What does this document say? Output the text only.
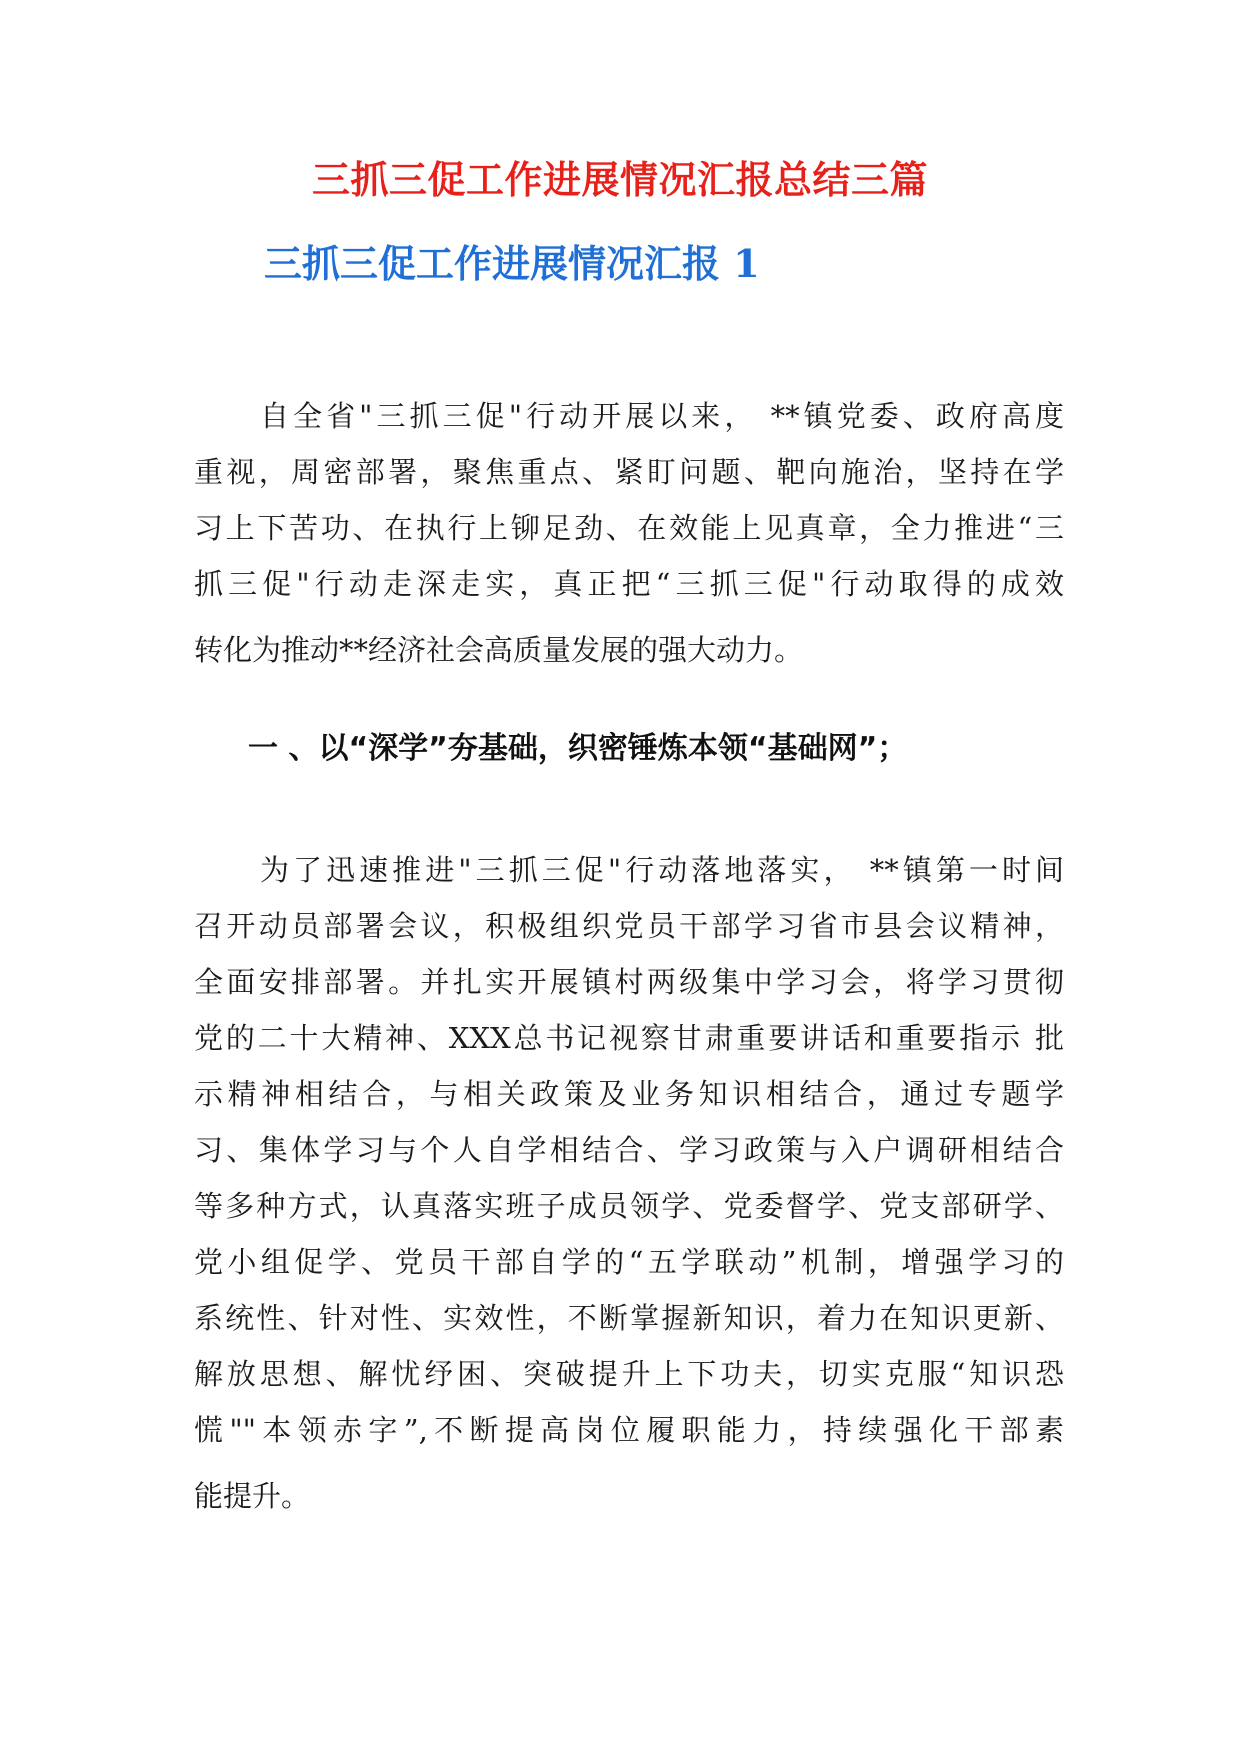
三抓三促工作进展情况汇报总结三篇
三抓三促工作进展情况汇报 1
自全省"三抓三促"行动开展以来， **镇党委、政府高度
重视，周密部署，聚焦重点、紧盯问题、靶向施治，坚持在学
习上下苦功、在执行上铆足劲、在效能上见真章，全力推进“三
抓三促"行动走深走实，真正把“三抓三促"行动取得的成效
转化为推动**经济社会高质量发展的强大动力。
一 、以“深学”夯基础，织密锤炼本领“基础网”；
为了迅速推进"三抓三促"行动落地落实， **镇第一时间
召开动员部署会议，积极组织党员干部学习省市县会议精神，
全面安排部署。并扎实开展镇村两级集中学习会，将学习贯彻
党的二十大精神、XXX总书记视察甘肃重要讲话和重要指示 批
示精神相结合，与相关政策及业务知识相结合，通过专题学
习、集体学习与个人自学相结合、学习政策与入户调研相结合
等多种方式，认真落实班子成员领学、党委督学、党支部研学、
党小组促学、党员干部自学的“五学联动”机制，增强学习的
系统性、针对性、实效性，不断掌握新知识，着力在知识更新、
解放思想、解忧纾困、突破提升上下功夫，切实克服“知识恐
慌""本领赤字”,不断提高岗位履职能力，持续强化干部素
能提升。
